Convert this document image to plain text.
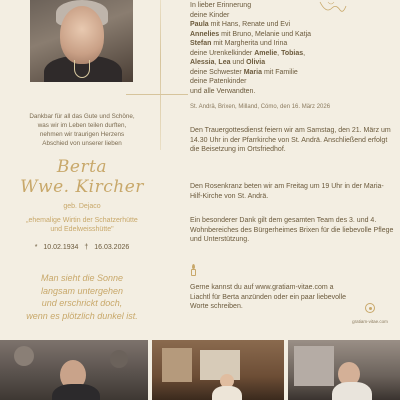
Dankbar für all das Gute und Schöne,
was wir im Leben teilen durften,
nehmen wir traurigen Herzens
Abschied von unserer lieben
Berta
Wwe. Kircher
geb. Dejaco
„ehemalige Wirtin der Schatzerhütte
und Edelweisshütte"
* 10.02.1934 † 16.03.2026
Man sieht die Sonne
langsam untergehen
und erschrickt doch,
wenn es plötzlich dunkel ist.
In lieber Erinnerung
deine Kinder
Paula mit Hans, Renate und Evi
Annelies mit Bruno, Melanie und Katja
Stefan mit Margherita und Irina
deine Urenkelkinder Amelie, Tobias,
Alessia, Lea und Olivia
deine Schwester Maria mit Familie
deine Patenkinder
und alle Verwandten.
St. Andrä, Brixen, Milland, Cómo, den 16. März 2026
Den Trauergottesdienst feiern wir am Samstag, den 21. März um 14.30 Uhr in der Pfarrkirche von St. Andrä. Anschließend erfolgt die Beisetzung im Ortsfriedhof.
Den Rosenkranz beten wir am Freitag um 19 Uhr in der Maria-Hilf-Kirche von St. Andrä.
Ein besonderer Dank gilt dem gesamten Team des 3. und 4. Wohnbereiches des Bürgerheimes Brixen für die liebevolle Pflege und Unterstützung.
Gerne kannst du auf www.gratiam-vitae.com a Liachtl für Berta anzünden oder ein paar liebevolle Worte schreiben.
gratiam-vitae.com
